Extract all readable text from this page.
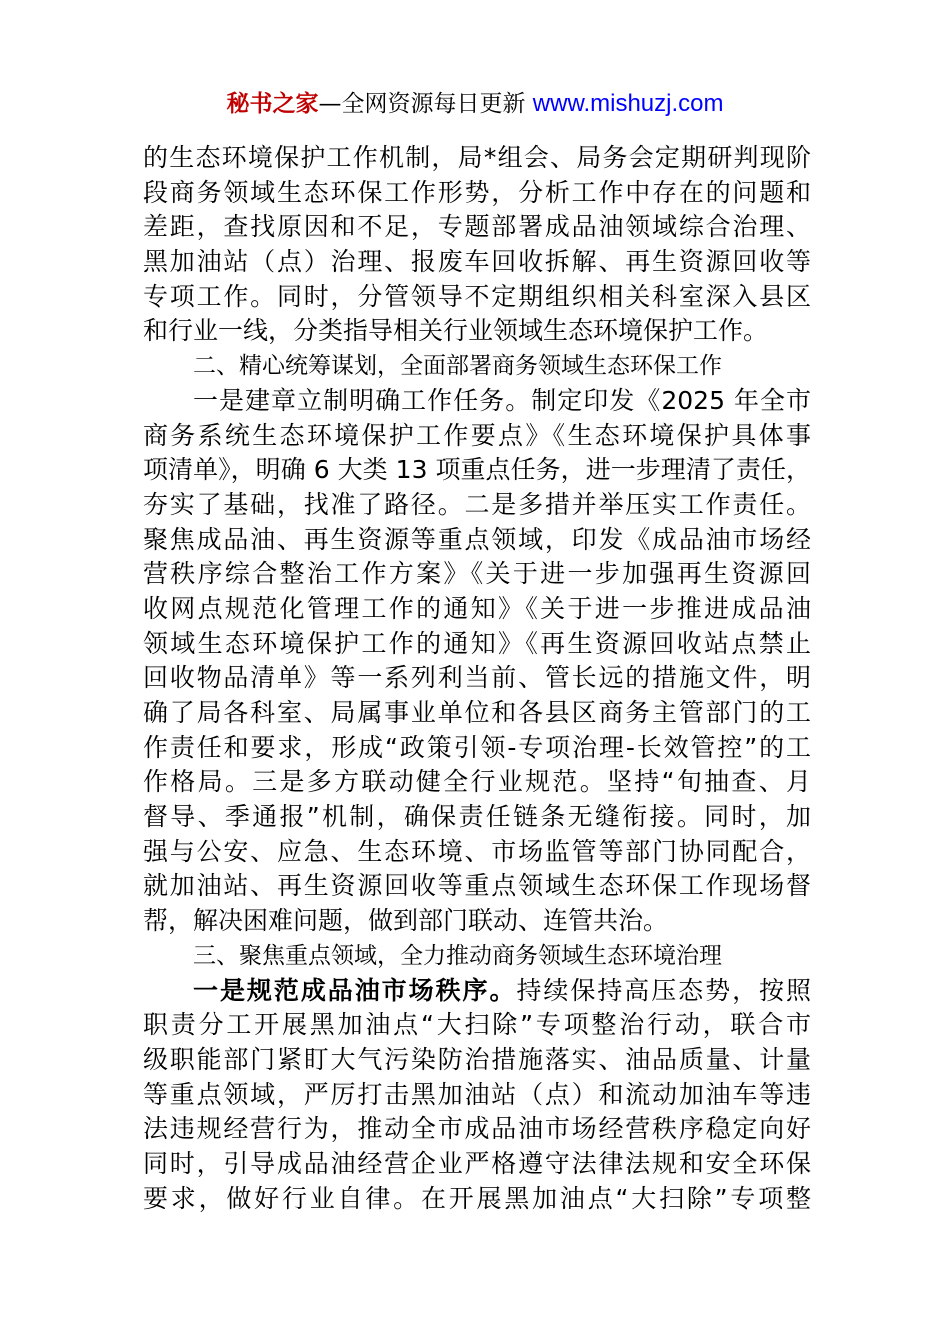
秘书之家—全网资源每日更新 www.mishuzj.com
的生态环境保护工作机制，局*组会、局务会定期研判现阶
段商务领域生态环保工作形势，分析工作中存在的问题和
差距，查找原因和不足，专题部署成品油领域综合治理、
黑加油站（点）治理、报废车回收拆解、再生资源回收等
专项工作。同时，分管领导不定期组织相关科室深入县区
和行业一线，分类指导相关行业领域生态环境保护工作。
二、精心统筹谋划，全面部署商务领域生态环保工作
一是建章立制明确工作任务。制定印发《2025 年全市
商务系统生态环境保护工作要点》《生态环境保护具体事
项清单》，明确 6 大类 13 项重点任务，进一步理清了责任，
夯实了基础，找准了路径。二是多措并举压实工作责任。
聚焦成品油、再生资源等重点领域，印发《成品油市场经
营秩序综合整治工作方案》《关于进一步加强再生资源回
收网点规范化管理工作的通知》《关于进一步推进成品油
领域生态环境保护工作的通知》《再生资源回收站点禁止
回收物品清单》等一系列利当前、管长远的措施文件，明
确了局各科室、局属事业单位和各县区商务主管部门的工
作责任和要求，形成“政策引领-专项治理-长效管控”的工
作格局。三是多方联动健全行业规范。坚持“旬抽查、月
督导、季通报”机制，确保责任链条无缝衔接。同时，加
强与公安、应急、生态环境、市场监管等部门协同配合，
就加油站、再生资源回收等重点领域生态环保工作现场督
帮，解决困难问题，做到部门联动、连管共治。
三、聚焦重点领域，全力推动商务领域生态环境治理
一是规范成品油市场秩序。持续保持高压态势，按照
职责分工开展黑加油点“大扫除”专项整治行动，联合市
级职能部门紧盯大气污染防治措施落实、油品质量、计量
等重点领域，严厉打击黑加油站（点）和流动加油车等违
法违规经营行为，推动全市成品油市场经营秩序稳定向好
同时，引导成品油经营企业严格遵守法律法规和安全环保
要求，做好行业自律。在开展黑加油点“大扫除”专项整
